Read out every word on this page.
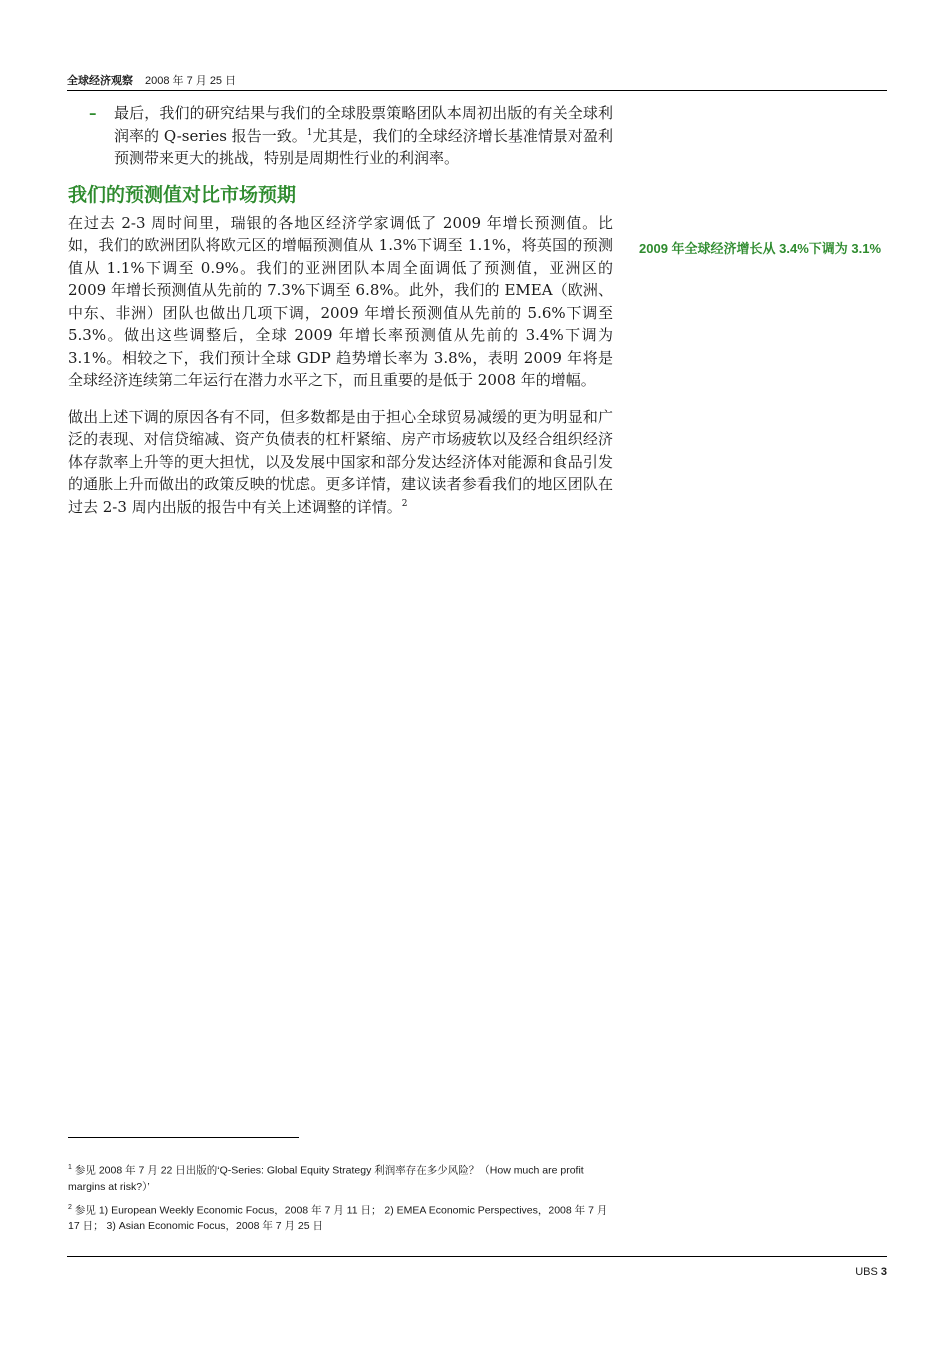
全球经济观察 2008 年 7 月 25 日
– 最后，我们的研究结果与我们的全球股票策略团队本周初出版的有关全球利润率的 Q-series 报告一致。$^1$尤其是，我们的全球经济增长基准情景对盈利预测带来更大的挑战，特别是周期性行业的利润率。
我们的预测值对比市场预期

在过去 2-3 周时间里，瑞银的各地区经济学家调低了 2009 年增长预测值。比如，我们的欧洲团队将欧元区的增幅预测值从 1.3%下调至 1.1%，将英国的预测值从 1.1%下调至 0.9%。我们的亚洲团队本周全面调低了预测值，亚洲区的 2009 年增长预测值从先前的 7.3%下调至 6.8%。此外，我们的 EMEA（欧洲、中东、非洲）团队也做出几项下调，2009 年增长预测值从先前的 5.6%下调至 5.3%。做出这些调整后，全球 2009 年增长率预测值从先前的 3.4%下调为 3.1%。相较之下，我们预计全球 GDP 趋势增长率为 3.8%，表明 2009 年将是全球经济连续第二年运行在潜力水平之下，而且重要的是低于 2008 年的增幅。

做出上述下调的原因各有不同，但多数都是由于担心全球贸易减缓的更为明显和广泛的表现、对信贷缩减、资产负债表的杠杆紧缩、房产市场疲软以及经合组织经济体存款率上升等的更大担忧，以及发展中国家和部分发达经济体对能源和食品引发的通胀上升而做出的政策反映的忧虑。更多详情，建议读者参看我们的地区团队在过去 2-3 周内出版的报告中有关上述调整的详情。$^2$

2009 年全球经济增长从 3.4%下调为 3.1%
$^1$ 参见 2008 年 7 月 22 日出版的‘Q-Series: Global Equity Strategy 利润率存在多少风险？（How much are profit margins at risk?）’
$^2$ 参见 1) European Weekly Economic Focus，2008 年 7 月 11 日； 2) EMEA Economic Perspectives，2008 年 7 月 17 日； 3) Asian Economic Focus，2008 年 7 月 25 日
UBS 3
